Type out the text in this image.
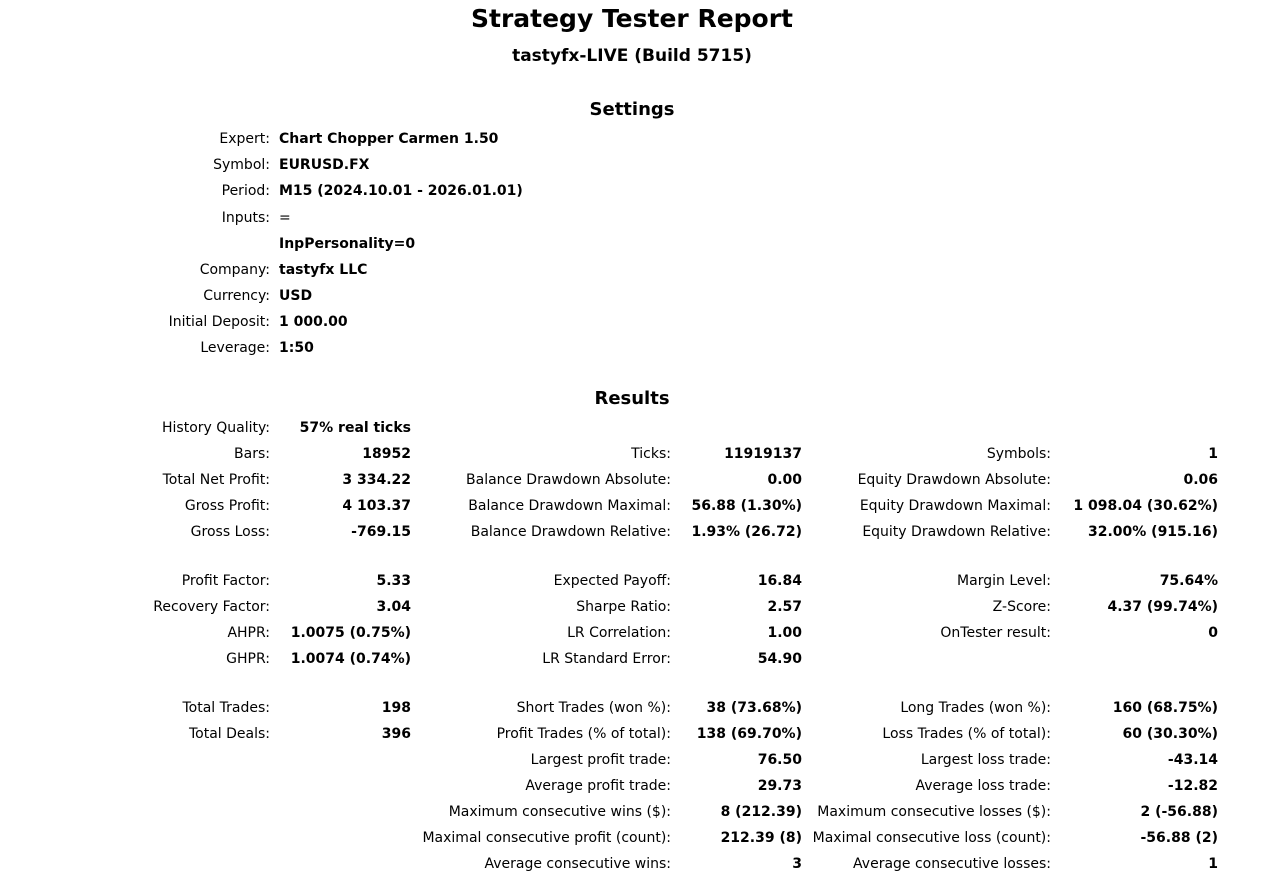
Strategy Tester Report
tastyfx-LIVE (Build 5715)
Settings
Expert: Chart Chopper Carmen 1.50
Symbol: EURUSD.FX
Period: M15 (2024.10.01 - 2026.01.01)
Inputs: =
InpPersonality=0
Company: tastyfx LLC
Currency: USD
Initial Deposit: 1 000.00
Leverage: 1:50
Results
History Quality: 57% real ticks
Bars:	18952	Ticks:	11919137	Symbols:	1
Total Net Profit:	3 334.22	Balance Drawdown Absolute:	0.00	Equity Drawdown Absolute:	0.06
Gross Profit:	4 103.37	Balance Drawdown Maximal: 56.88 (1.30%)	Equity Drawdown Maximal: 1 098.04 (30.62%)
Gross Loss:	-769.15	Balance Drawdown Relative: 1.93% (26.72)	Equity Drawdown Relative:	32.00% (915.16)
Profit Factor:	5.33	Expected Payoff:	16.84	Margin Level:	75.64%
Recovery Factor:	3.04	Sharpe Ratio:	2.57	Z-Score:	4.37 (99.74%)
AHPR: 1.0075 (0.75%)	LR Correlation:	1.00	OnTester result:	0
GHPR: 1.0074 (0.74%)	LR Standard Error:	54.90
Total Trades:	198	Short Trades (won %):	38 (73.68%)	Long Trades (won %):	160 (68.75%)
Total Deals:	396	Profit Trades (% of total): 138 (69.70%)	Loss Trades (% of total):	60 (30.30%)
Largest profit trade:	76.50	Largest loss trade:	-43.14
Average profit trade:	29.73	Average loss trade:	-12.82
Maximum consecutive wins ($):	8 (212.39) Maximum consecutive losses ($):	2 (-56.88)
Maximal consecutive profit (count):	212.39 (8) Maximal consecutive loss (count):	-56.88 (2)
Average consecutive wins:	3	Average consecutive losses:	1
